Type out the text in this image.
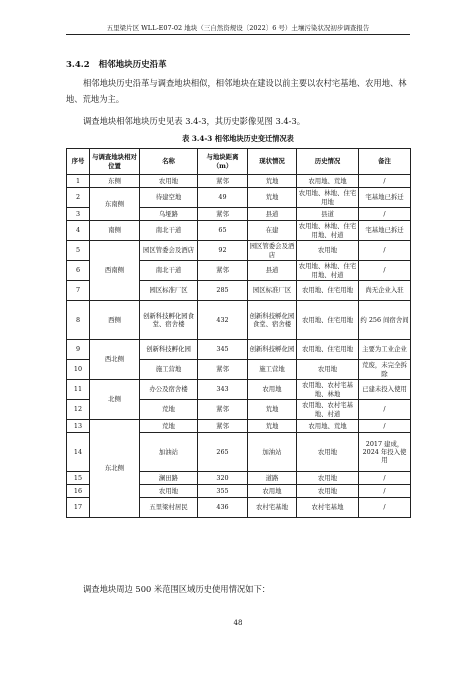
五里梁片区 WLL-E07-02 地块（三自然资规设〔2022〕6 号）土壤污染状况初步调查报告
3.4.2 相邻地块历史沿革

相邻地块历史沿革与调查地块相似，相邻地块在建设以前主要以农村宅基地、农用地、林地、荒地为主。

调查地块相邻地块历史见表 3.4-3，其历史影像见图 3.4-3。

表 3.4-3 相邻地块历史变迁情况表
序号	与调查地块相对位置	名称	与地块距离（m）	现状情况	历史情况	备注
1	东侧	农用地	紧邻	荒地	农用地、荒地	/
2	东南侧	待建空地	49	荒地	农用地、林地、住宅用地	宅基地已拆迁
3		乌垭路	紧邻	县道	县道	/
4	南侧	南北干道	65	在建	农用地、林地、住宅用地、村道	宅基地已拆迁
5	西南侧	园区管委会及酒店	92	园区管委会及酒店	农用地	/
6		南北干道	紧邻	县道	农用地、林地、住宅用地、村道	/
7		园区标准厂区	285	园区标准厂区	农用地、住宅用地	尚无企业入驻
8	西侧	创新科技孵化园食堂、宿舍楼	432	创新科技孵化园食堂、宿舍楼	农用地、住宅用地	约 256 间宿舍间
9	西北侧	创新科技孵化园	345	创新科技孵化园	农用地、住宅用地	主要为工业企业
10		施工营地	紧邻	施工营地	农用地	荒废，未完全拆除
11	北侧	办公及宿舍楼	343	农用地	农用地、农村宅基地、林地	已建未投入使用
12		荒地	紧邻	荒地	农用地、农村宅基地、村道	/
13	东北侧	荒地	紧邻	荒地	农用地、荒地	/
14		加油站	265	加油站	农用地	2017 建成，2024 年投入使用
15		澜田路	320	道路	农用地	/
16		农用地	355	农用地	农用地	/
17		五里梁村居民	436	农村宅基地	农村宅基地	/

调查地块周边 500 米范围区域历史使用情况如下：

48
